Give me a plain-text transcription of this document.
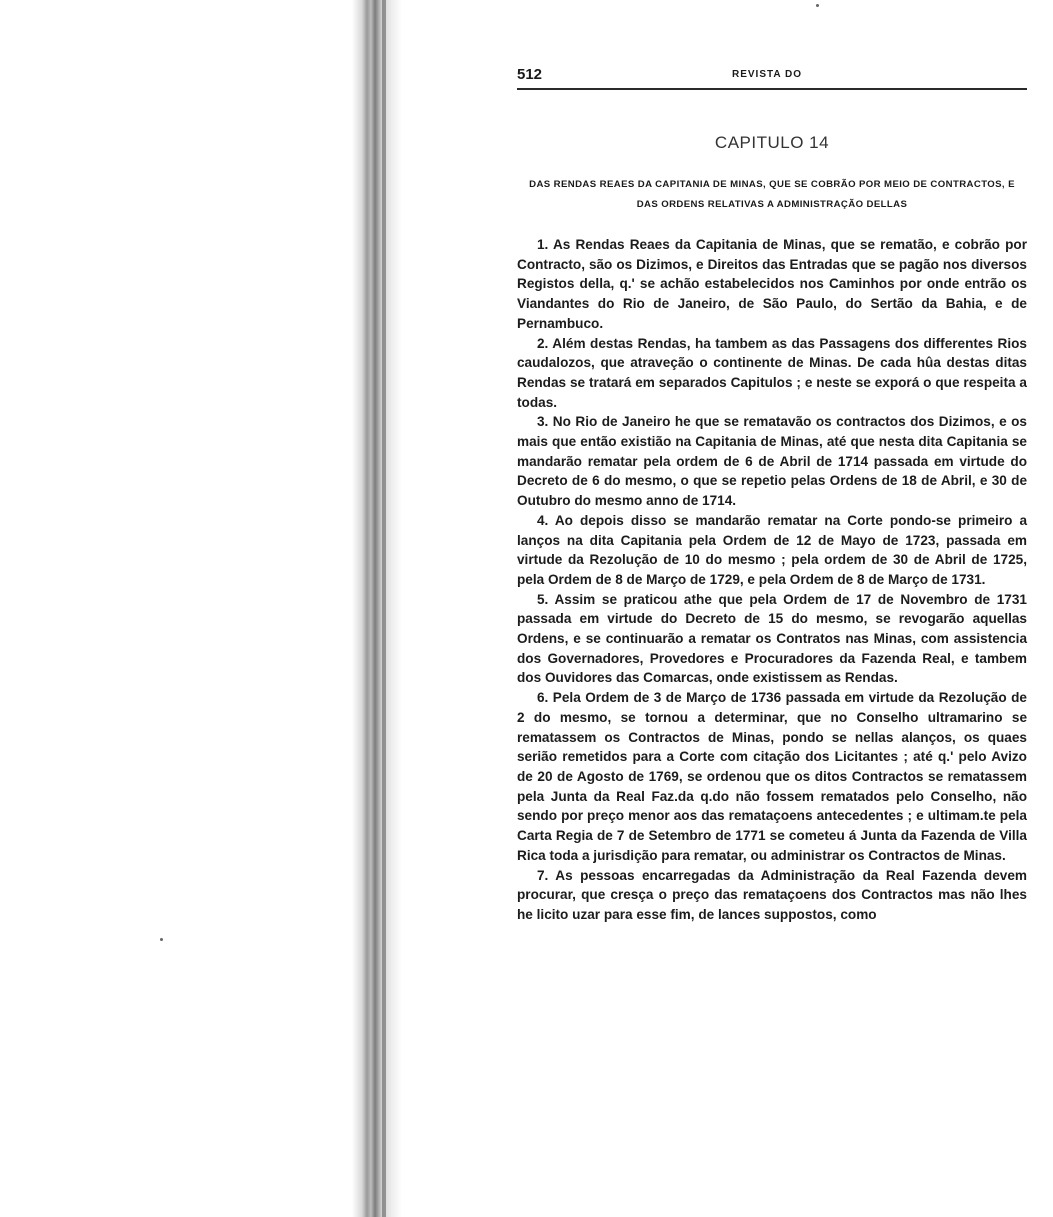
512	REVISTA DO
CAPITULO 14
DAS RENDAS REAES DA CAPITANIA DE MINAS, QUE SE COBRÃO POR MEIO DE CONTRACTOS, E DAS ORDENS RELATIVAS A ADMINISTRAÇÃO DELLAS

1. As Rendas Reaes da Capitania de Minas, que se rematão, e cobrão por Contracto, são os Dizimos, e Direitos das Entradas que se pagão nos diversos Registos della, q.' se achão estabelecidos nos Caminhos por onde entrão os Viandantes do Rio de Janeiro, de São Paulo, do Sertão da Bahia, e de Pernambuco.

2. Além destas Rendas, ha tambem as das Passagens dos differentes Rios caudalozos, que atraveção o continente de Minas. De cada hûa destas ditas Rendas se tratará em separados Capitulos ; e neste se exporá o que respeita a todas.

3. No Rio de Janeiro he que se rematavão os contractos dos Dizimos, e os mais que então existião na Capitania de Minas, até que nesta dita Capitania se mandarão rematar pela ordem de 6 de Abril de 1714 passada em virtude do Decreto de 6 do mesmo, o que se repetio pelas Ordens de 18 de Abril, e 30 de Outubro do mesmo anno de 1714.

4. Ao depois disso se mandarão rematar na Corte pondo-se primeiro a lanços na dita Capitania pela Ordem de 12 de Mayo de 1723, passada em virtude da Rezolução de 10 do mesmo ; pela ordem de 30 de Abril de 1725, pela Ordem de 8 de Março de 1729, e pela Ordem de 8 de Março de 1731.

5. Assim se praticou athe que pela Ordem de 17 de Novembro de 1731 passada em virtude do Decreto de 15 do mesmo, se revogarão aquellas Ordens, e se continuarão a rematar os Contratos nas Minas, com assistencia dos Governadores, Provedores e Procuradores da Fazenda Real, e tambem dos Ouvidores das Comarcas, onde existissem as Rendas.

6. Pela Ordem de 3 de Março de 1736 passada em virtude da Rezolução de 2 do mesmo, se tornou a determinar, que no Conselho ultramarino se rematassem os Contractos de Minas, pondo se nellas alanços, os quaes serião remetidos para a Corte com citação dos Licitantes ; até q.' pelo Avizo de 20 de Agosto de 1769, se ordenou que os ditos Contractos se rematassem pela Junta da Real Faz.da q.do não fossem rematados pelo Conselho, não sendo por preço menor aos das remataçoens antecedentes ; e ultimam.te pela Carta Regia de 7 de Setembro de 1771 se cometeu á Junta da Fazenda de Villa Rica toda a jurisdição para rematar, ou administrar os Contractos de Minas.

7. As pessoas encarregadas da Administração da Real Fazenda devem procurar, que cresça o preço das remataçoens dos Contractos mas não lhes he licito uzar para esse fim, de lances suppostos, como
